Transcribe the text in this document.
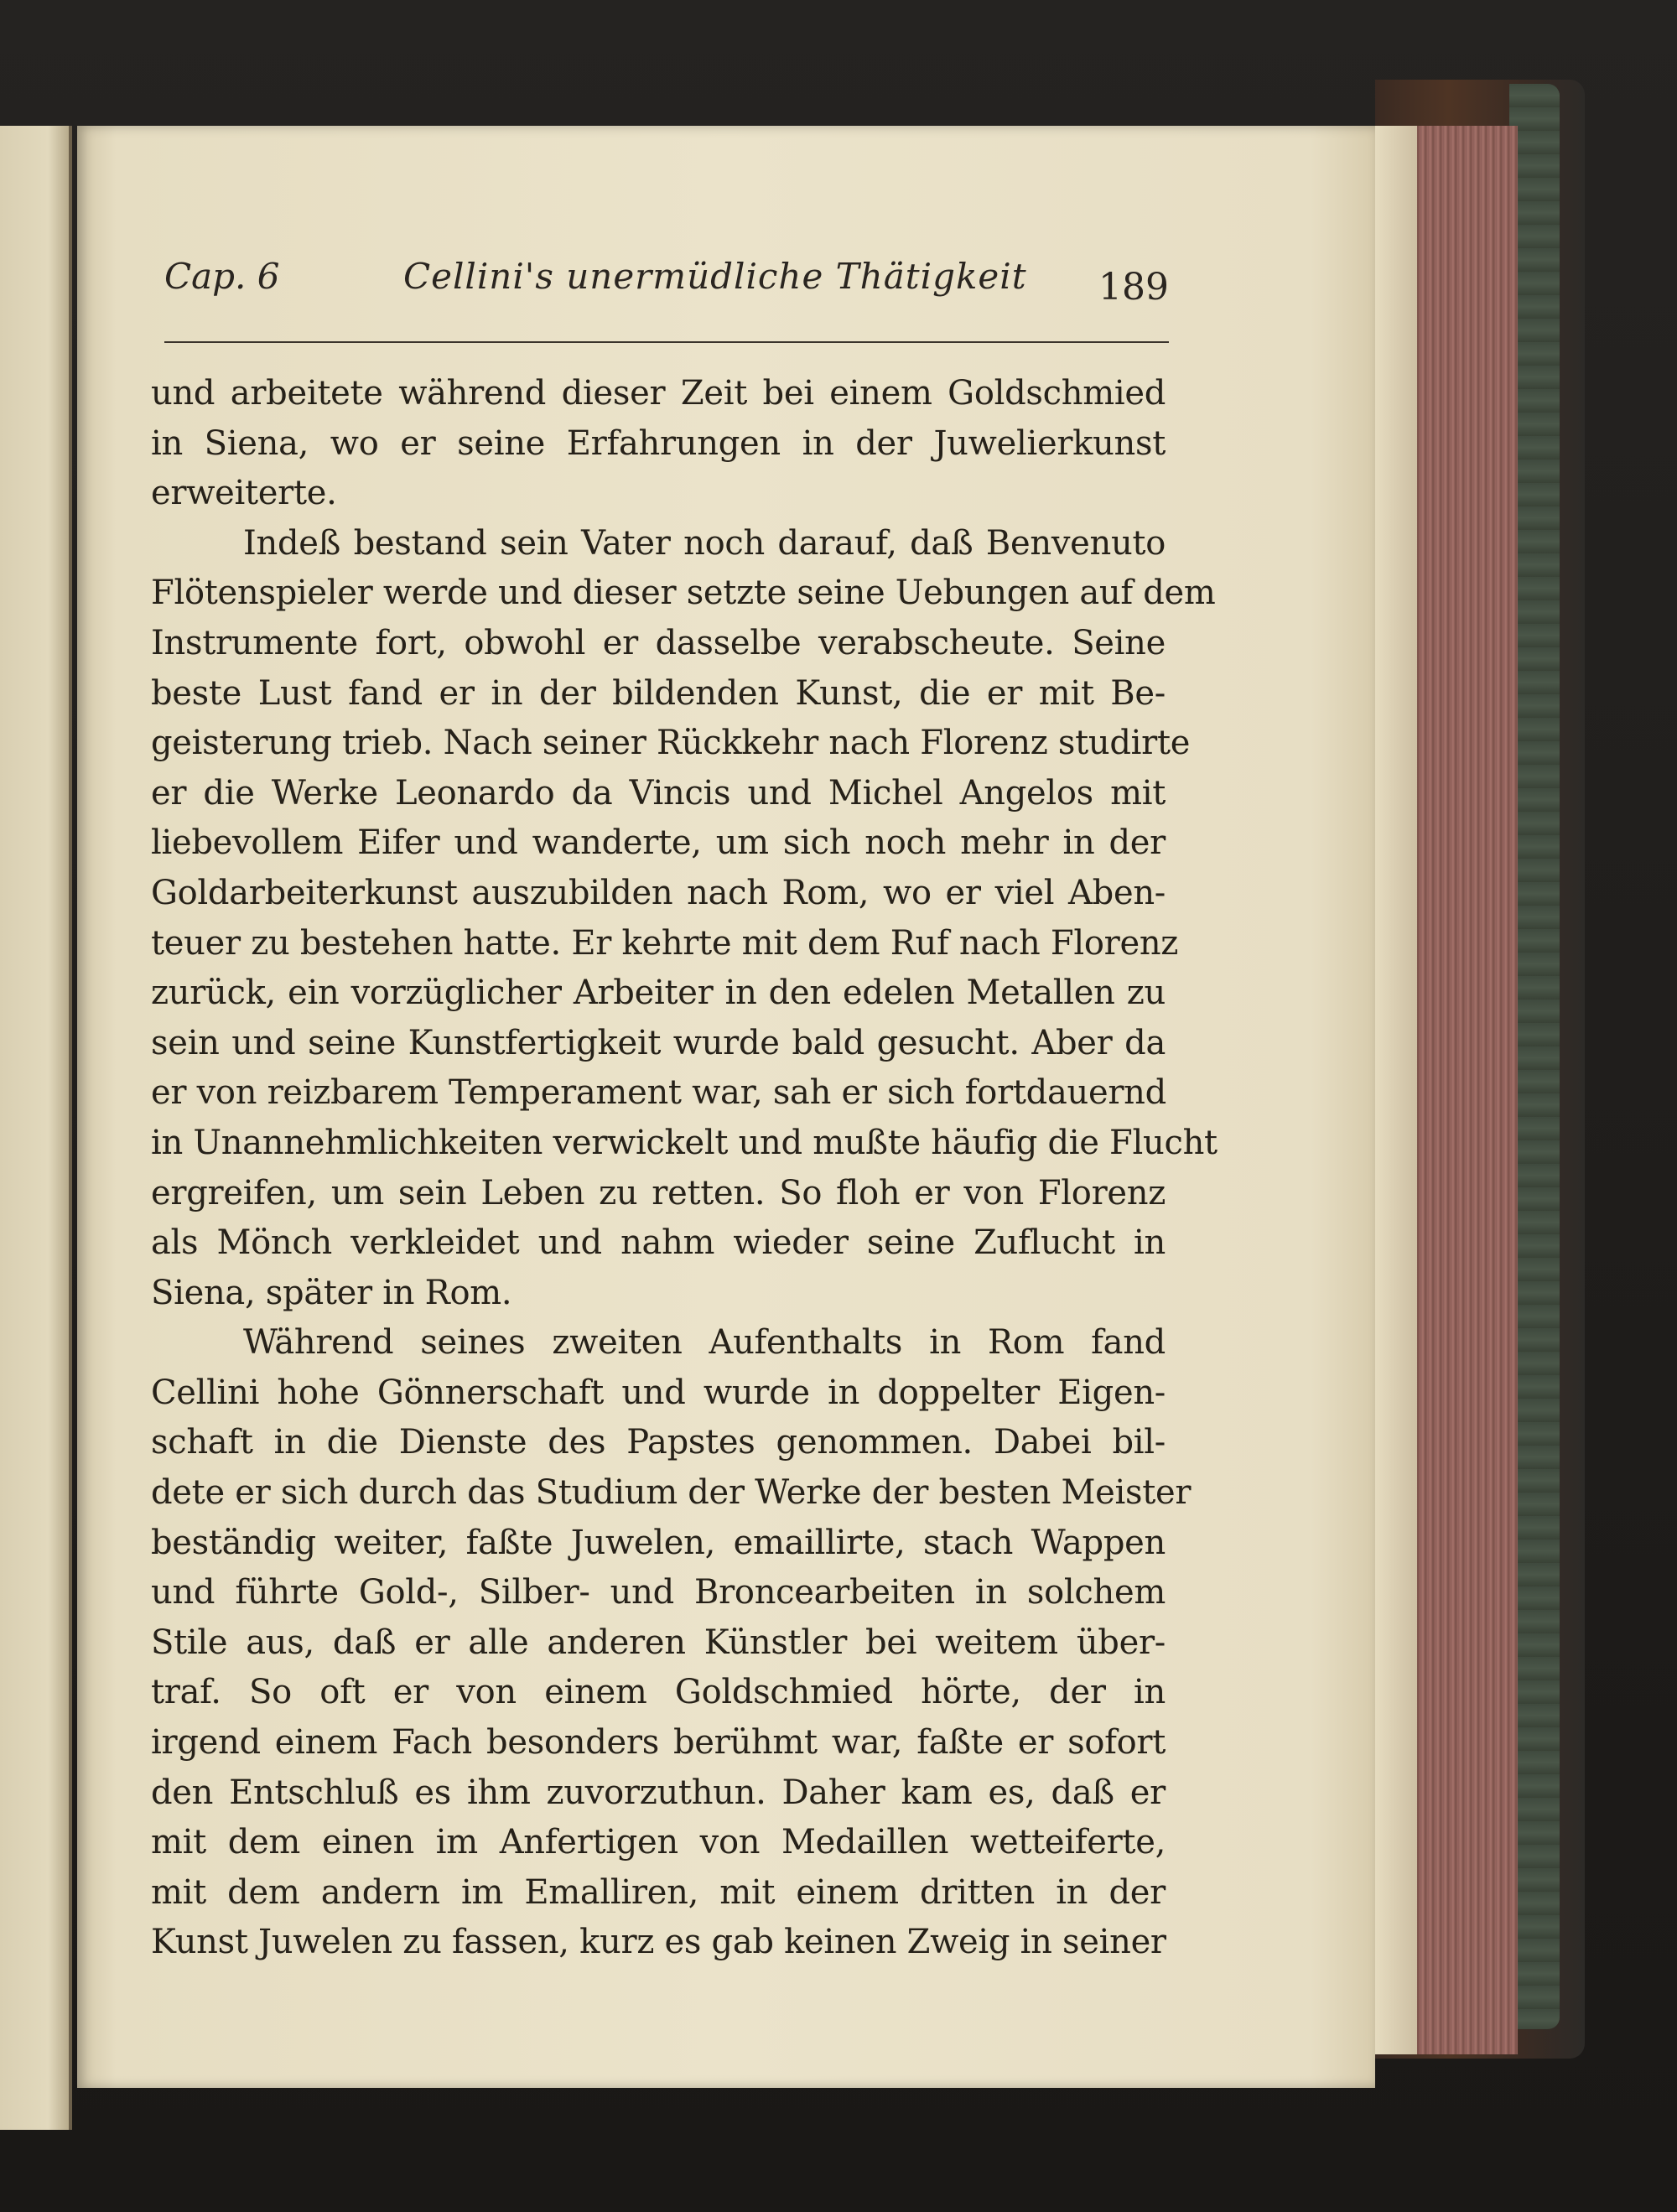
Cap. 6	Cellini's unermüdliche Thätigkeit 189
und arbeitete während dieser Zeit bei einem Goldschmied
in Siena, wo er seine Erfahrungen in der Juwelierkunst
erweiterte.
Indeß bestand sein Vater noch darauf, daß Benvenuto
Flötenspieler werde und dieser setzte seine Uebungen auf dem
Instrumente fort, obwohl er dasselbe verabscheute. Seine
beste Lust fand er in der bildenden Kunst, die er mit Be-
geisterung trieb. Nach seiner Rückkehr nach Florenz studirte
er die Werke Leonardo da Vincis und Michel Angelos mit
liebevollem Eifer und wanderte, um sich noch mehr in der
Goldarbeiterkunst auszubilden nach Rom, wo er viel Aben-
teuer zu bestehen hatte. Er kehrte mit dem Ruf nach Florenz
zurück, ein vorzüglicher Arbeiter in den edelen Metallen zu
sein und seine Kunstfertigkeit wurde bald gesucht. Aber da
er von reizbarem Temperament war, sah er sich fortdauernd
in Unannehmlichkeiten verwickelt und mußte häufig die Flucht
ergreifen, um sein Leben zu retten. So floh er von Florenz
als Mönch verkleidet und nahm wieder seine Zuflucht in
Siena, später in Rom.
Während seines zweiten Aufenthalts in Rom fand
Cellini hohe Gönnerschaft und wurde in doppelter Eigen-
schaft in die Dienste des Papstes genommen. Dabei bil-
dete er sich durch das Studium der Werke der besten Meister
beständig weiter, faßte Juwelen, emaillirte, stach Wappen
und führte Gold-, Silber- und Broncearbeiten in solchem
Stile aus, daß er alle anderen Künstler bei weitem über-
traf. So oft er von einem Goldschmied hörte, der in
irgend einem Fach besonders berühmt war, faßte er sofort
den Entschluß es ihm zuvorzuthun. Daher kam es, daß er
mit dem einen im Anfertigen von Medaillen wetteiferte,
mit dem andern im Emalliren, mit einem dritten in der
Kunst Juwelen zu fassen, kurz es gab keinen Zweig in seiner
